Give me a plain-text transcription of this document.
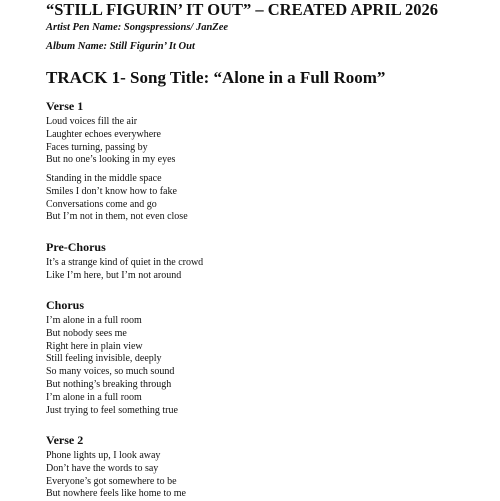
“STILL FIGURIN’ IT OUT” – CREATED APRIL 2026

Artist Pen Name: Songspressions/ JanZee

Album Name: Still Figurin’ It Out

TRACK 1- Song Title: “Alone in a Full Room”
Verse 1
Loud voices fill the air
Laughter echoes everywhere
Faces turning, passing by
But no one’s looking in my eyes
Standing in the middle space
Smiles I don’t know how to fake
Conversations come and go
But I’m not in them, not even close
Pre-Chorus
It’s a strange kind of quiet in the crowd
Like I’m here, but I’m not around
Chorus
I’m alone in a full room
But nobody sees me
Right here in plain view
Still feeling invisible, deeply
So many voices, so much sound
But nothing’s breaking through
I’m alone in a full room
Just trying to feel something true
Verse 2
Phone lights up, I look away
Don’t have the words to say
Everyone’s got somewhere to be
But nowhere feels like home to me
